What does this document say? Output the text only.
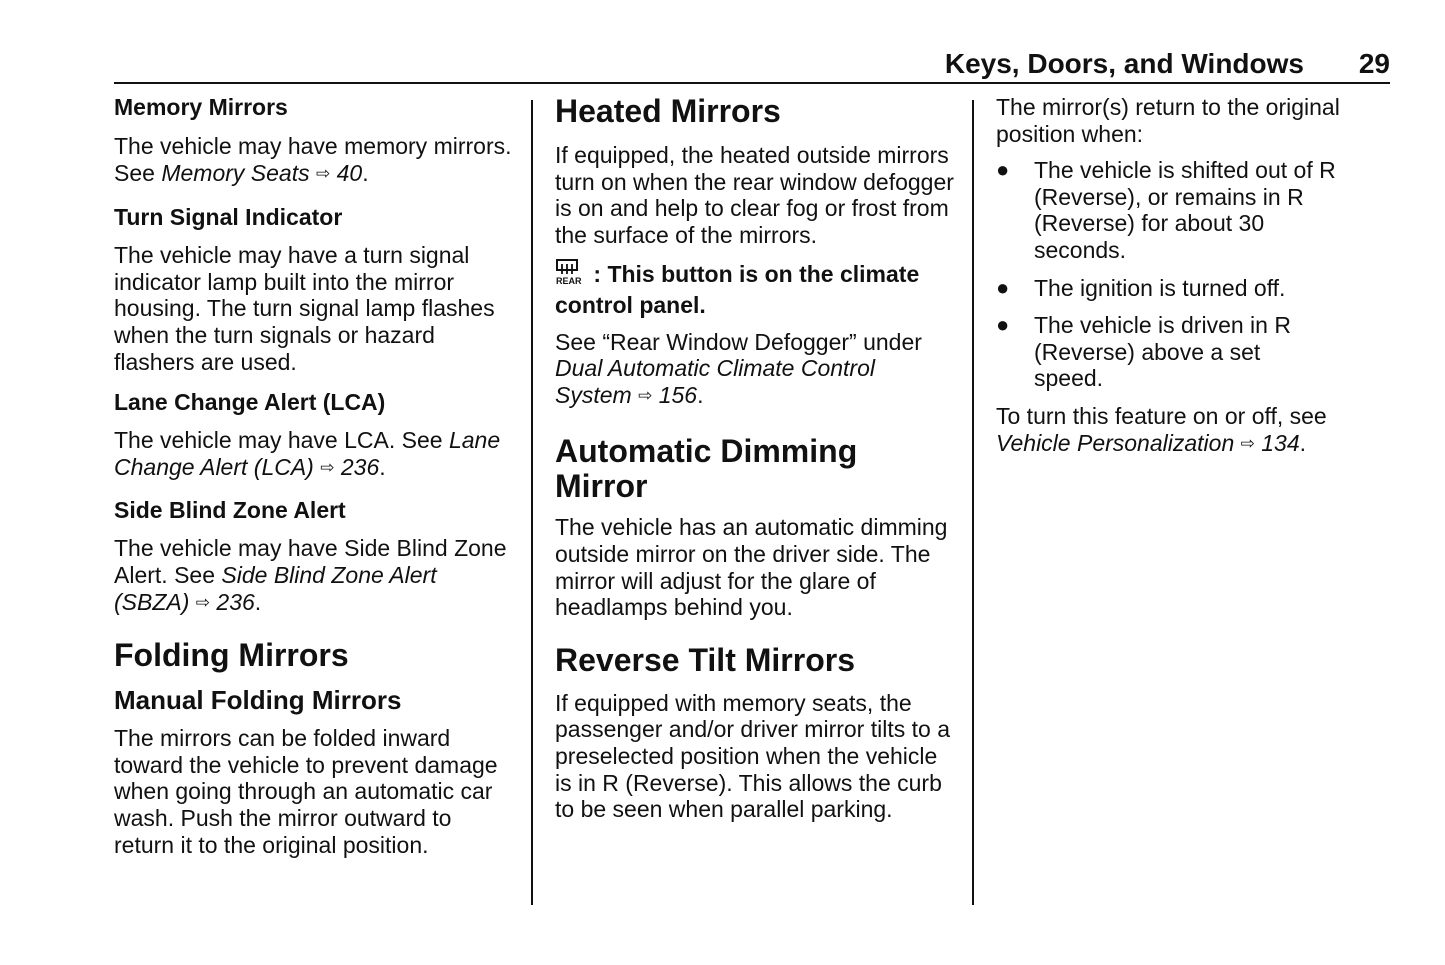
Keys, Doors, and Windows 29
Memory Mirrors

The vehicle may have memory mirrors. See Memory Seats ⇨ 40.

Turn Signal Indicator

The vehicle may have a turn signal indicator lamp built into the mirror housing. The turn signal lamp flashes when the turn signals or hazard flashers are used.

Lane Change Alert (LCA)

The vehicle may have LCA. See Lane Change Alert (LCA) ⇨ 236.

Side Blind Zone Alert

The vehicle may have Side Blind Zone Alert. See Side Blind Zone Alert (SBZA) ⇨ 236.

Folding Mirrors
Manual Folding Mirrors

The mirrors can be folded inward toward the vehicle to prevent damage when going through an automatic car wash. Push the mirror outward to return it to the original position.

Heated Mirrors

If equipped, the heated outside mirrors turn on when the rear window defogger is on and help to clear fog or frost from the surface of the mirrors.

REAR : This button is on the climate control panel.

See “Rear Window Defogger” under Dual Automatic Climate Control System ⇨ 156.

Automatic Dimming Mirror

The vehicle has an automatic dimming outside mirror on the driver side. The mirror will adjust for the glare of headlamps behind you.

Reverse Tilt Mirrors

If equipped with memory seats, the passenger and/or driver mirror tilts to a preselected position when the vehicle is in R (Reverse). This allows the curb to be seen when parallel parking.

The mirror(s) return to the original position when:

● The vehicle is shifted out of R (Reverse), or remains in R (Reverse) for about 30 seconds.
● The ignition is turned off.
● The vehicle is driven in R (Reverse) above a set speed.

To turn this feature on or off, see Vehicle Personalization ⇨ 134.
